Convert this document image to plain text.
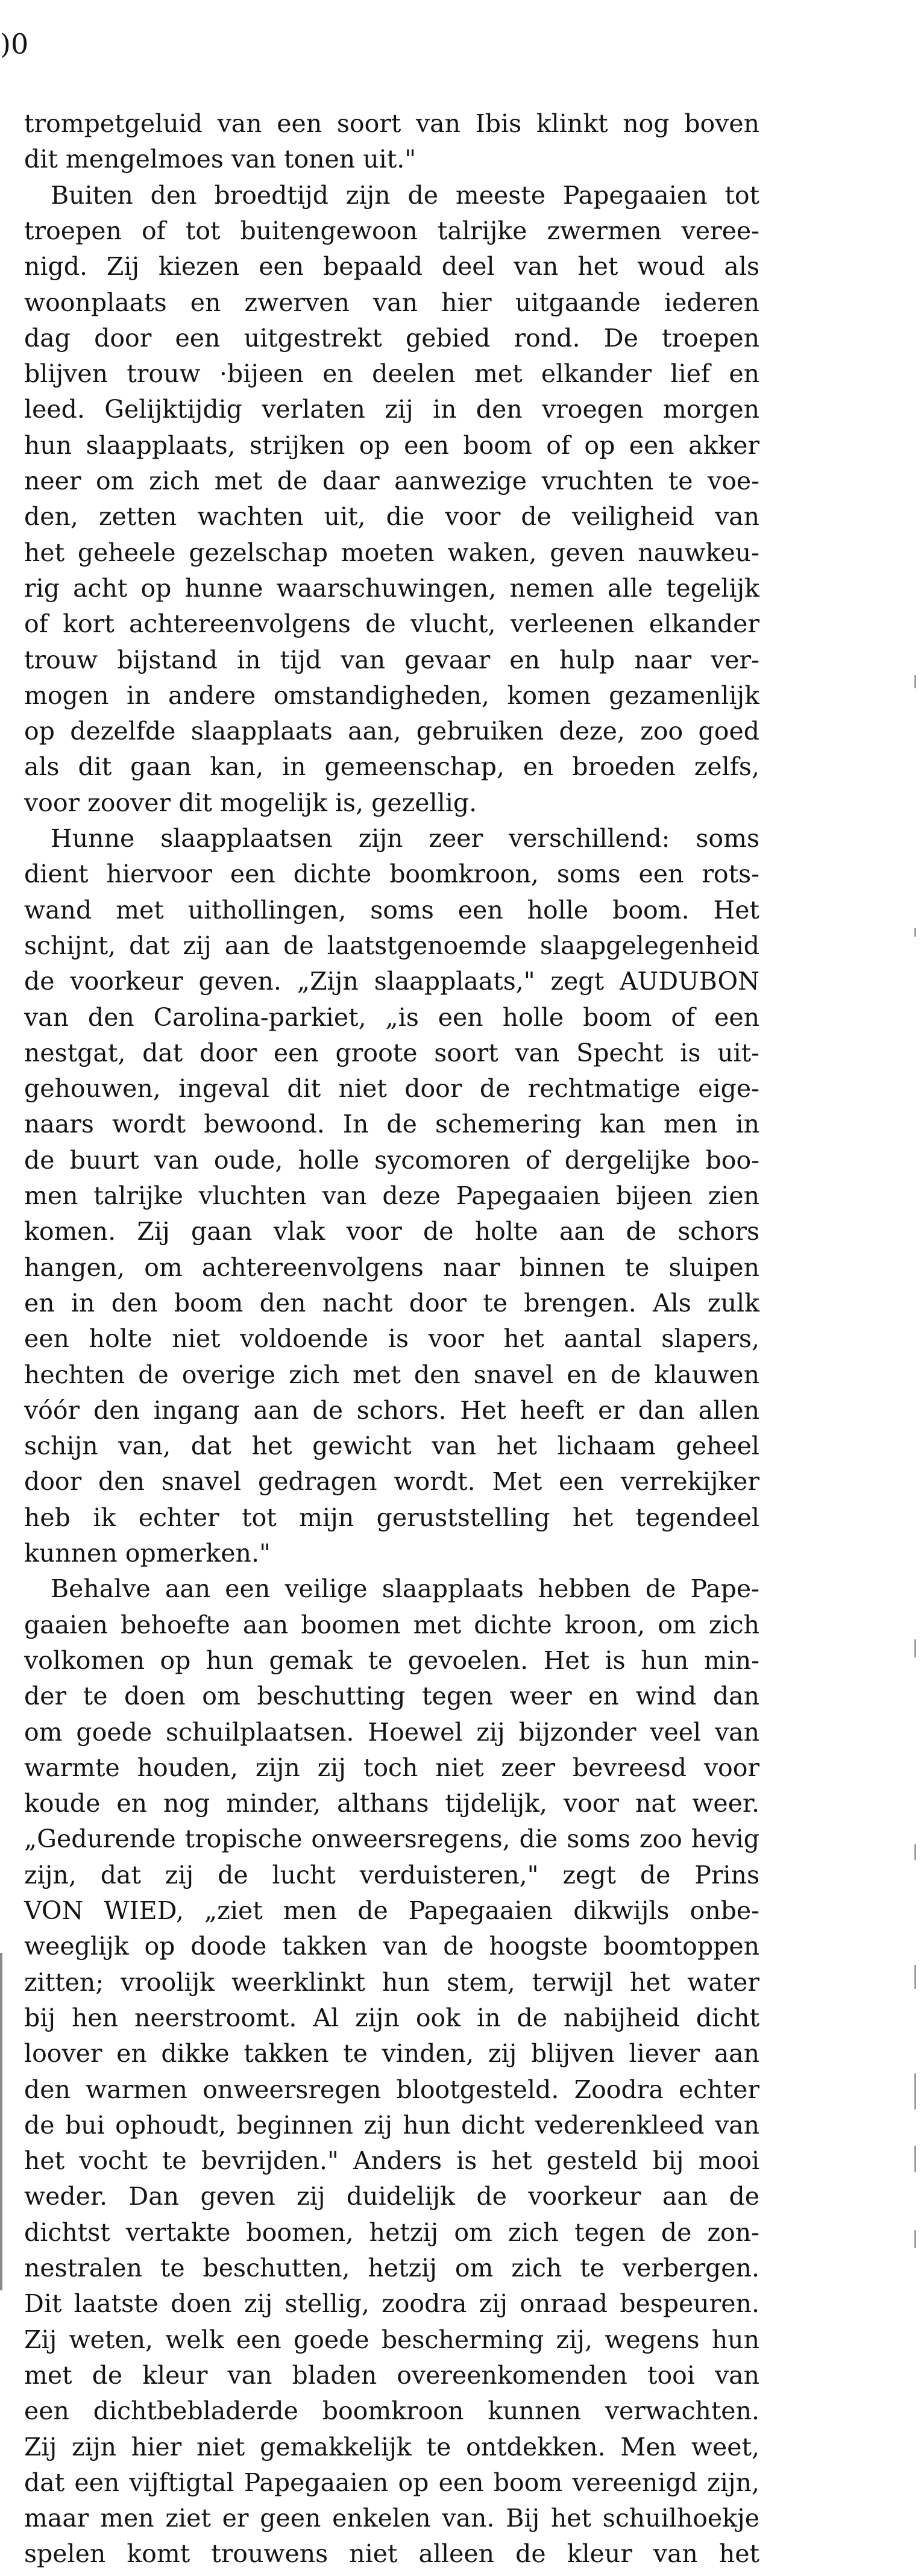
)0
trompetgeluid van een soort van Ibis klinkt nog boven
dit mengelmoes van tonen uit."
Buiten den broedtijd zijn de meeste Papegaaien tot
troepen of tot buitengewoon talrijke zwermen veree-
nigd. Zij kiezen een bepaald deel van het woud als
woonplaats en zwerven van hier uitgaande iederen
dag door een uitgestrekt gebied rond. De troepen
blijven trouw ·bijeen en deelen met elkander lief en
leed. Gelijktijdig verlaten zij in den vroegen morgen
hun slaapplaats, strijken op een boom of op een akker
neer om zich met de daar aanwezige vruchten te voe-
den, zetten wachten uit, die voor de veiligheid van
het geheele gezelschap moeten waken, geven nauwkeu-
rig acht op hunne waarschuwingen, nemen alle tegelijk
of kort achtereenvolgens de vlucht, verleenen elkander
trouw bijstand in tijd van gevaar en hulp naar ver-
mogen in andere omstandigheden, komen gezamenlijk
op dezelfde slaapplaats aan, gebruiken deze, zoo goed
als dit gaan kan, in gemeenschap, en broeden zelfs,
voor zoover dit mogelijk is, gezellig.
Hunne slaapplaatsen zijn zeer verschillend: soms
dient hiervoor een dichte boomkroon, soms een rots-
wand met uithollingen, soms een holle boom. Het
schijnt, dat zij aan de laatstgenoemde slaapgelegenheid
de voorkeur geven. „Zijn slaapplaats," zegt AUDUBON
van den Carolina-parkiet, „is een holle boom of een
nestgat, dat door een groote soort van Specht is uit-
gehouwen, ingeval dit niet door de rechtmatige eige-
naars wordt bewoond. In de schemering kan men in
de buurt van oude, holle sycomoren of dergelijke boo-
men talrijke vluchten van deze Papegaaien bijeen zien
komen. Zij gaan vlak voor de holte aan de schors
hangen, om achtereenvolgens naar binnen te sluipen
en in den boom den nacht door te brengen. Als zulk
een holte niet voldoende is voor het aantal slapers,
hechten de overige zich met den snavel en de klauwen
vóór den ingang aan de schors. Het heeft er dan allen
schijn van, dat het gewicht van het lichaam geheel
door den snavel gedragen wordt. Met een verrekijker
heb ik echter tot mijn geruststelling het tegendeel
kunnen opmerken."
Behalve aan een veilige slaapplaats hebben de Pape-
gaaien behoefte aan boomen met dichte kroon, om zich
volkomen op hun gemak te gevoelen. Het is hun min-
der te doen om beschutting tegen weer en wind dan
om goede schuilplaatsen. Hoewel zij bijzonder veel van
warmte houden, zijn zij toch niet zeer bevreesd voor
koude en nog minder, althans tijdelijk, voor nat weer.
„Gedurende tropische onweersregens, die soms zoo hevig
zijn, dat zij de lucht verduisteren," zegt de Prins
VON WIED, „ziet men de Papegaaien dikwijls onbe-
weeglijk op doode takken van de hoogste boomtoppen
zitten; vroolijk weerklinkt hun stem, terwijl het water
bij hen neerstroomt. Al zijn ook in de nabijheid dicht
loover en dikke takken te vinden, zij blijven liever aan
den warmen onweersregen blootgesteld. Zoodra echter
de bui ophoudt, beginnen zij hun dicht vederenkleed van
het vocht te bevrijden." Anders is het gesteld bij mooi
weder. Dan geven zij duidelijk de voorkeur aan de
dichtst vertakte boomen, hetzij om zich tegen de zon-
nestralen te beschutten, hetzij om zich te verbergen.
Dit laatste doen zij stellig, zoodra zij onraad bespeuren.
Zij weten, welk een goede bescherming zij, wegens hun
met de kleur van bladen overeenkomenden tooi van
een dichtbebladerde boomkroon kunnen verwachten.
Zij zijn hier niet gemakkelijk te ontdekken. Men weet,
dat een vijftigtal Papegaaien op een boom vereenigd zijn,
maar men ziet er geen enkelen van. Bij het schuilhoekje
spelen komt trouwens niet alleen de kleur van het
